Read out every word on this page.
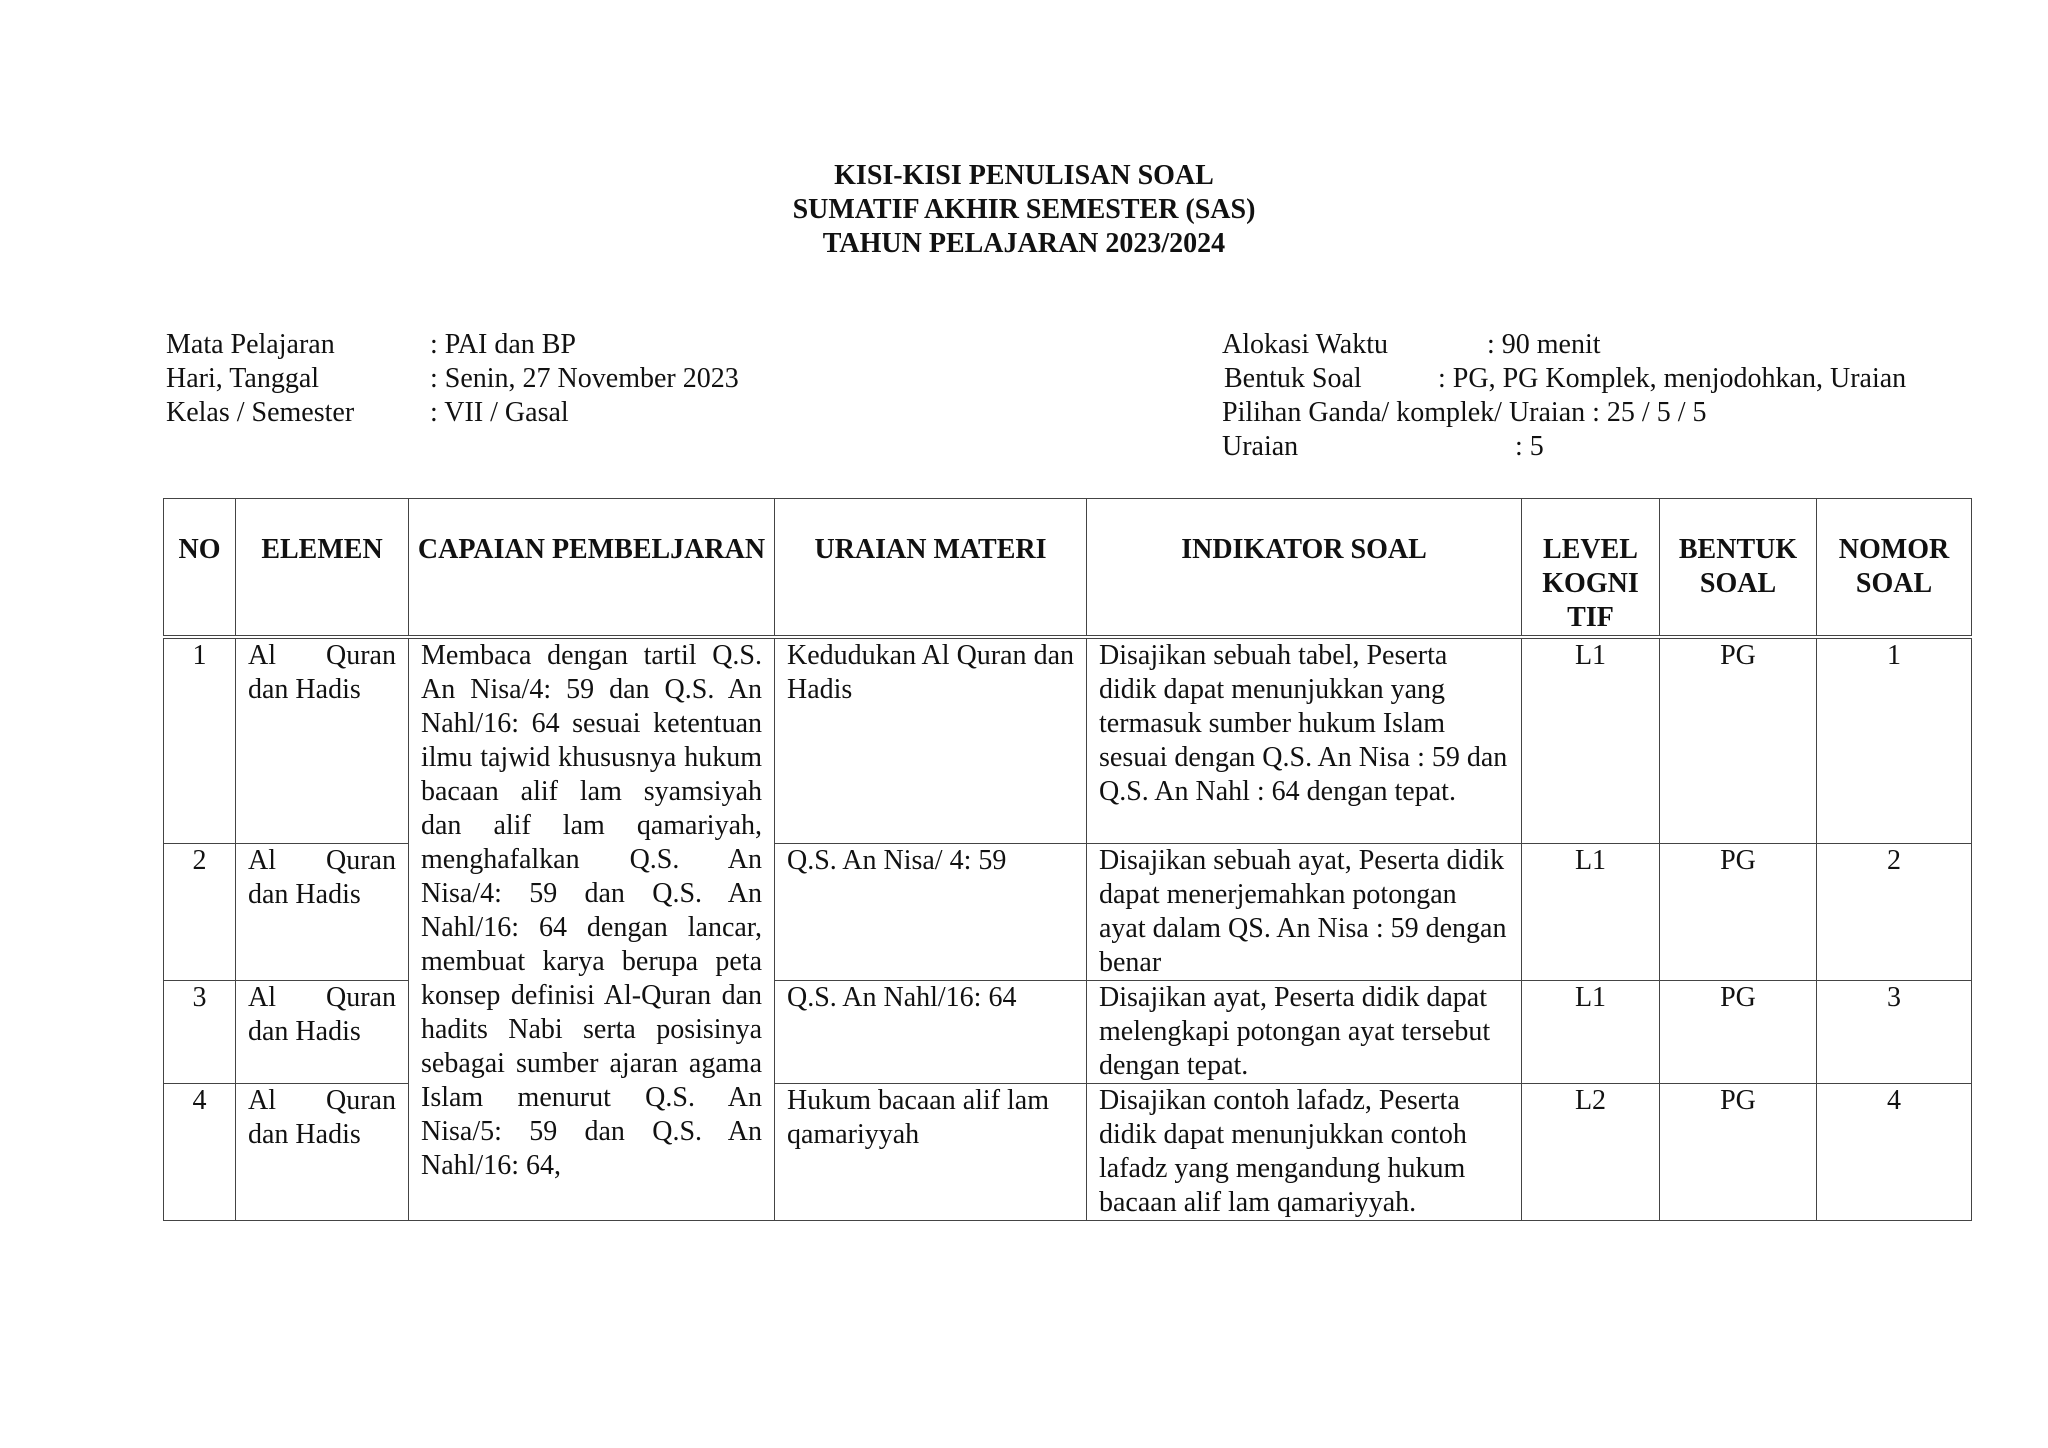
KISI-KISI PENULISAN SOAL
SUMATIF AKHIR SEMESTER (SAS)
TAHUN PELAJARAN 2023/2024
Mata Pelajaran	: PAI dan BP
Hari, Tanggal	: Senin, 27 November 2023
Kelas / Semester	: VII / Gasal
Alokasi Waktu	: 90 menit
Bentuk Soal	: PG, PG Komplek, menjodohkan, Uraian
Pilihan Ganda/ komplek/ Uraian : 25 / 5 / 5
Uraian	: 5
NO	ELEMEN	CAPAIAN PEMBELJARAN	URAIAN MATERI	INDIKATOR SOAL	LEVEL KOGNI TIF	BENTUK SOAL	NOMOR SOAL
1	Al Quran dan Hadis	Membaca dengan tartil Q.S. An Nisa/4: 59 dan Q.S. An Nahl/16: 64 sesuai ketentuan ilmu tajwid khususnya hukum bacaan alif lam syamsiyah dan alif lam qamariyah, menghafalkan Q.S. An Nisa/4: 59 dan Q.S. An Nahl/16: 64 dengan lancar, membuat karya berupa peta konsep definisi Al-Quran dan hadits Nabi serta posisinya sebagai sumber ajaran agama Islam menurut Q.S. An Nisa/5: 59 dan Q.S. An Nahl/16: 64,	Kedudukan Al Quran dan Hadis	Disajikan sebuah tabel, Peserta didik dapat menunjukkan yang termasuk sumber hukum Islam sesuai dengan Q.S. An Nisa : 59 dan Q.S. An Nahl : 64 dengan tepat.	L1	PG	1
2	Al Quran dan Hadis		Q.S. An Nisa/ 4: 59	Disajikan sebuah ayat, Peserta didik dapat menerjemahkan potongan ayat dalam QS. An Nisa : 59 dengan benar	L1	PG	2
3	Al Quran dan Hadis		Q.S. An Nahl/16: 64	Disajikan ayat, Peserta didik dapat melengkapi potongan ayat tersebut dengan tepat.	L1	PG	3
4	Al Quran dan Hadis		Hukum bacaan alif lam qamariyyah	Disajikan contoh lafadz, Peserta didik dapat menunjukkan contoh lafadz yang mengandung hukum bacaan alif lam qamariyyah.	L2	PG	4
